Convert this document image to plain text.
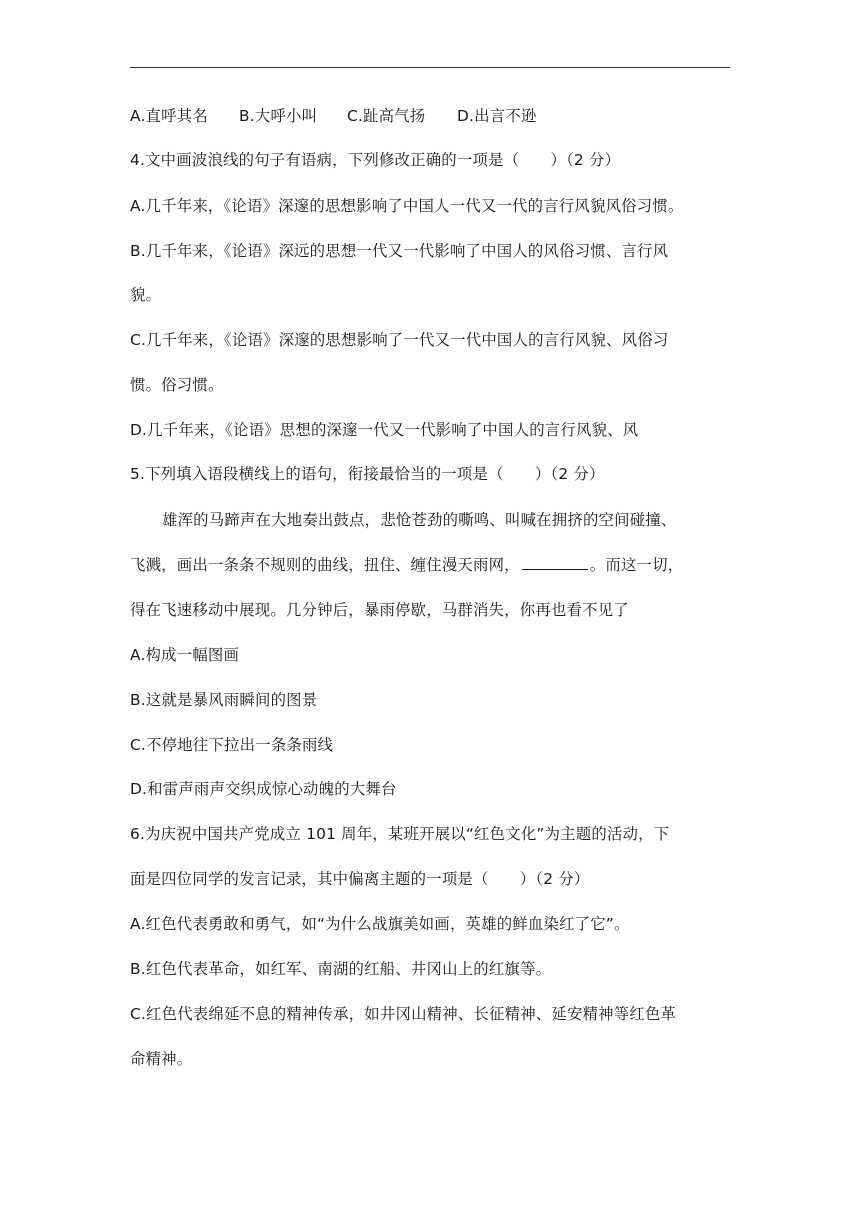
A.直呼其名 B.大呼小叫 C.趾高气扬 D.出言不逊
4.文中画波浪线的句子有语病，下列修改正确的一项是（　　）（2 分）
A.几千年来，《论语》深邃的思想影响了中国人一代又一代的言行风貌风俗习惯。
B.几千年来，《论语》深远的思想一代又一代影响了中国人的风俗习惯、言行风
貌。
C.几千年来，《论语》深邃的思想影响了一代又一代中国人的言行风貌、风俗习
惯。俗习惯。
D.几千年来，《论语》思想的深邃一代又一代影响了中国人的言行风貌、风
5.下列填入语段横线上的语句，衔接最恰当的一项是（　　）（2 分）
雄浑的马蹄声在大地奏出鼓点，悲怆苍劲的嘶鸣、叫喊在拥挤的空间碰撞、
飞溅，画出一条条不规则的曲线，扭住、缠住漫天雨网，	。而这一切，
得在飞速移动中展现。几分钟后，暴雨停歇，马群消失，你再也看不见了
A.构成一幅图画
B.这就是暴风雨瞬间的图景
C.不停地往下拉出一条条雨线
D.和雷声雨声交织成惊心动魄的大舞台
6.为庆祝中国共产党成立 101 周年，某班开展以“红色文化”为主题的活动，下
面是四位同学的发言记录，其中偏离主题的一项是（　　）（2 分）
A.红色代表勇敢和勇气，如“为什么战旗美如画，英雄的鲜血染红了它”。
B.红色代表革命，如红军、南湖的红船、井冈山上的红旗等。
C.红色代表绵延不息的精神传承，如井冈山精神、长征精神、延安精神等红色革
命精神。
